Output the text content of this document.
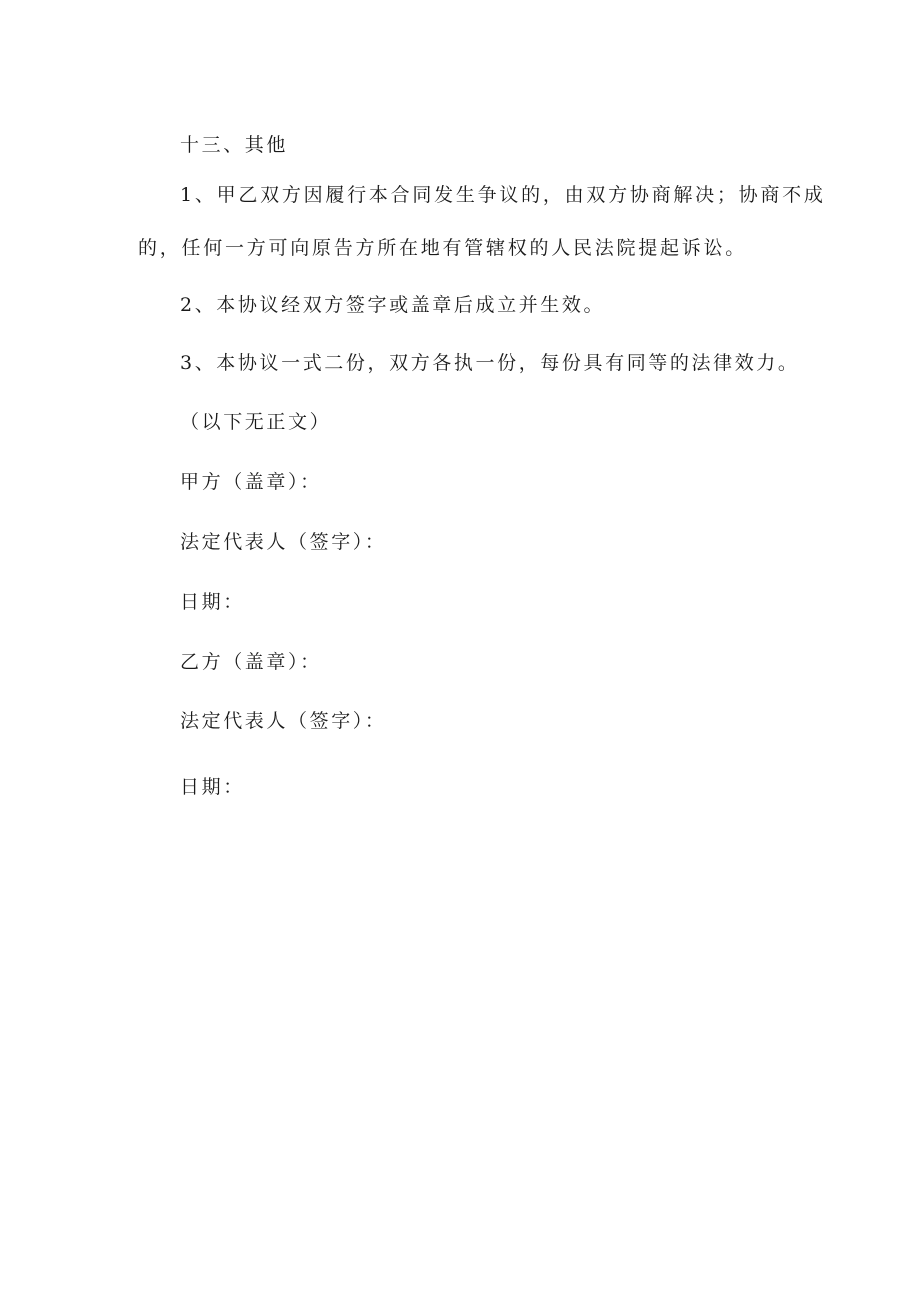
十三、其他
1、甲乙双方因履行本合同发生争议的，由双方协商解决；协商不成
的，任何一方可向原告方所在地有管辖权的人民法院提起诉讼。
2、本协议经双方签字或盖章后成立并生效。
3、本协议一式二份，双方各执一份，每份具有同等的法律效力。
（以下无正文）
甲方（盖章）：
法定代表人（签字）：
日期：
乙方（盖章）：
法定代表人（签字）：
日期：
